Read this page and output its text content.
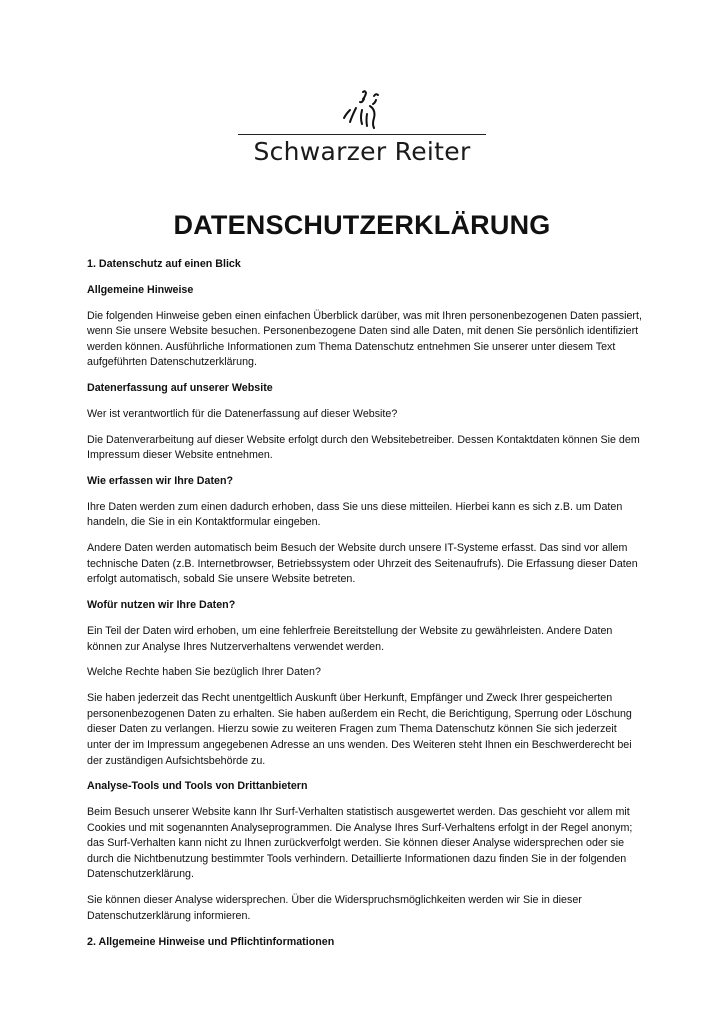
Schwarzer Reiter
DATENSCHUTZERKLÄRUNG

1. Datenschutz auf einen Blick

Allgemeine Hinweise

Die folgenden Hinweise geben einen einfachen Überblick darüber, was mit Ihren personenbezogenen Daten passiert, wenn Sie unsere Website besuchen. Personenbezogene Daten sind alle Daten, mit denen Sie persönlich identifiziert werden können. Ausführliche Informationen zum Thema Datenschutz entnehmen Sie unserer unter diesem Text aufgeführten Datenschutzerklärung.

Datenerfassung auf unserer Website

Wer ist verantwortlich für die Datenerfassung auf dieser Website?

Die Datenverarbeitung auf dieser Website erfolgt durch den Websitebetreiber. Dessen Kontaktdaten können Sie dem Impressum dieser Website entnehmen.

Wie erfassen wir Ihre Daten?

Ihre Daten werden zum einen dadurch erhoben, dass Sie uns diese mitteilen. Hierbei kann es sich z.B. um Daten handeln, die Sie in ein Kontaktformular eingeben.

Andere Daten werden automatisch beim Besuch der Website durch unsere IT-Systeme erfasst. Das sind vor allem technische Daten (z.B. Internetbrowser, Betriebssystem oder Uhrzeit des Seitenaufrufs). Die Erfassung dieser Daten erfolgt automatisch, sobald Sie unsere Website betreten.

Wofür nutzen wir Ihre Daten?

Ein Teil der Daten wird erhoben, um eine fehlerfreie Bereitstellung der Website zu gewährleisten. Andere Daten können zur Analyse Ihres Nutzerverhaltens verwendet werden.

Welche Rechte haben Sie bezüglich Ihrer Daten?

Sie haben jederzeit das Recht unentgeltlich Auskunft über Herkunft, Empfänger und Zweck Ihrer gespeicherten personenbezogenen Daten zu erhalten. Sie haben außerdem ein Recht, die Berichtigung, Sperrung oder Löschung dieser Daten zu verlangen. Hierzu sowie zu weiteren Fragen zum Thema Datenschutz können Sie sich jederzeit unter der im Impressum angegebenen Adresse an uns wenden. Des Weiteren steht Ihnen ein Beschwerderecht bei der zuständigen Aufsichtsbehörde zu.

Analyse-Tools und Tools von Drittanbietern

Beim Besuch unserer Website kann Ihr Surf-Verhalten statistisch ausgewertet werden. Das geschieht vor allem mit Cookies und mit sogenannten Analyseprogrammen. Die Analyse Ihres Surf-Verhaltens erfolgt in der Regel anonym; das Surf-Verhalten kann nicht zu Ihnen zurückverfolgt werden. Sie können dieser Analyse widersprechen oder sie durch die Nichtbenutzung bestimmter Tools verhindern. Detaillierte Informationen dazu finden Sie in der folgenden Datenschutzerklärung.

Sie können dieser Analyse widersprechen. Über die Widerspruchsmöglichkeiten werden wir Sie in dieser Datenschutzerklärung informieren.

2. Allgemeine Hinweise und Pflichtinformationen
